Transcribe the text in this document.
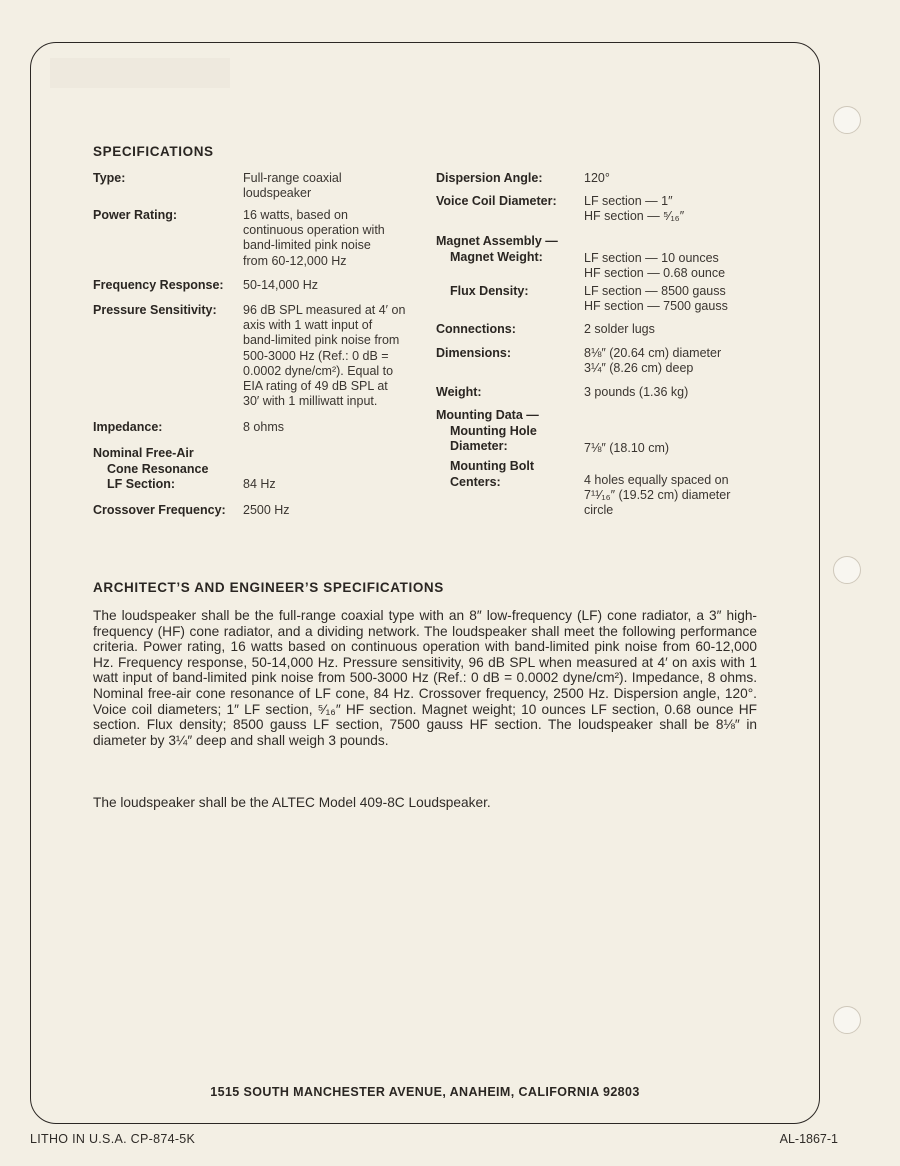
SPECIFICATIONS
Type:	Full-range coaxial
loudspeaker
Power Rating:	16 watts, based on
continuous operation with
band-limited pink noise
from 60-12,000 Hz
Frequency Response: 50-14,000 Hz
Pressure Sensitivity: 96 dB SPL measured at 4′ on
axis with 1 watt input of
band-limited pink noise from
500-3000 Hz (Ref.: 0 dB =
0.0002 dyne/cm²). Equal to
EIA rating of 49 dB SPL at
30′ with 1 milliwatt input.
Impedance:	8 ohms
Nominal Free-Air
Cone Resonance
LF Section:	84 Hz
Crossover Frequency: 2500 Hz
Dispersion Angle:	120°
Voice Coil Diameter: LF section — 1″
HF section — ⁵⁄₁₆″
Magnet Assembly —
Magnet Weight:	LF section — 10 ounces
HF section — 0.68 ounce
Flux Density:	LF section — 8500 gauss
HF section — 7500 gauss
Connections:	2 solder lugs
Dimensions:	8⅛″ (20.64 cm) diameter
3¼″ (8.26 cm) deep
Weight:	3 pounds (1.36 kg)
Mounting Data —
Mounting Hole
Diameter:	7⅛″ (18.10 cm)
Mounting Bolt
Centers:	4 holes equally spaced on
7¹¹⁄₁₆″ (19.52 cm) diameter
circle
ARCHITECT’S AND ENGINEER’S SPECIFICATIONS

The loudspeaker shall be the full-range coaxial type with an 8″ low-frequency (LF) cone radiator, a 3″ high-frequency (HF) cone radiator, and a dividing network. The loudspeaker shall meet the following performance criteria. Power rating, 16 watts based on continuous operation with band-limited pink noise from 60-12,000 Hz. Frequency response, 50-14,000 Hz. Pressure sensitivity, 96 dB SPL when measured at 4′ on axis with 1 watt input of band-limited pink noise from 500-3000 Hz (Ref.: 0 dB = 0.0002 dyne/cm²). Impedance, 8 ohms. Nominal free-air cone resonance of LF cone, 84 Hz. Crossover frequency, 2500 Hz. Dispersion angle, 120°. Voice coil diameters; 1″ LF section, ⁵⁄₁₆″ HF section. Magnet weight; 10 ounces LF section, 0.68 ounce HF section. Flux density; 8500 gauss LF section, 7500 gauss HF section. The loudspeaker shall be 8⅛″ in diameter by 3¼″ deep and shall weigh 3 pounds.

The loudspeaker shall be the ALTEC Model 409-8C Loudspeaker.

1515 SOUTH MANCHESTER AVENUE, ANAHEIM, CALIFORNIA 92803
LITHO IN U.S.A. CP-874-5K	AL-1867-1
